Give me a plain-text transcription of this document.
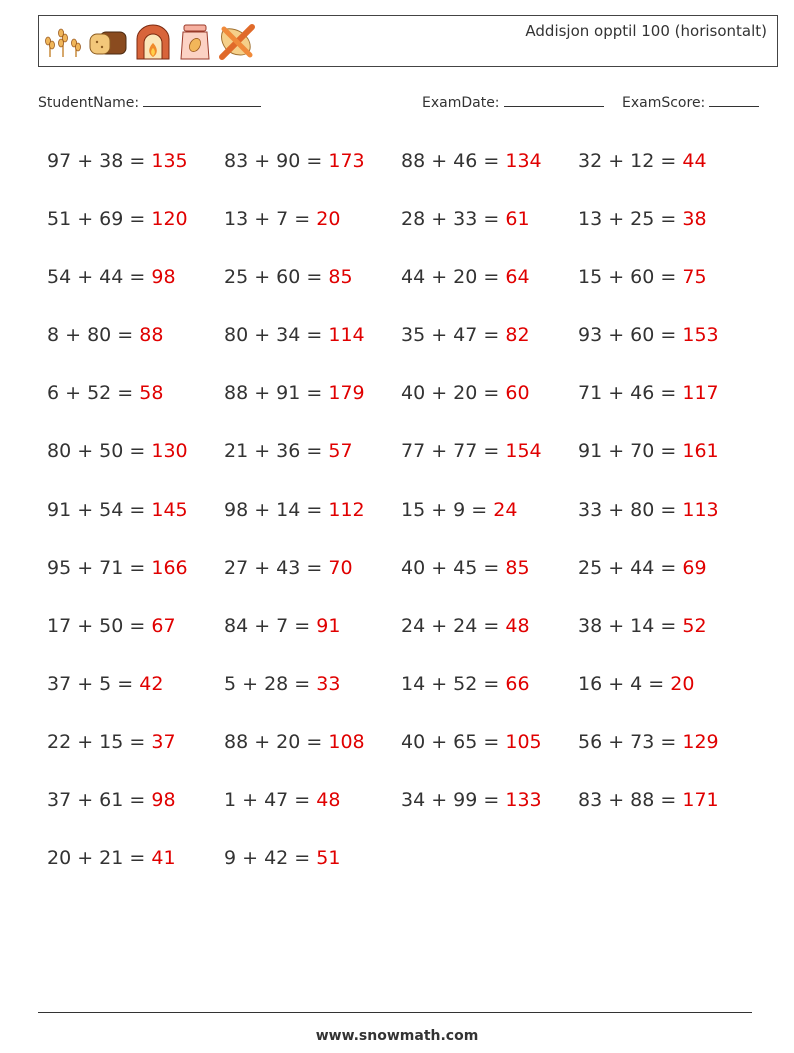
Addisjon opptil 100 (horisontalt)
StudentName:	ExamDate:	ExamScore:
97 + 38 = 135	83 + 90 = 173	88 + 46 = 134	32 + 12 = 44
51 + 69 = 120	13 + 7 = 20	28 + 33 = 61	13 + 25 = 38
54 + 44 = 98	25 + 60 = 85	44 + 20 = 64	15 + 60 = 75
8 + 80 = 88	80 + 34 = 114	35 + 47 = 82	93 + 60 = 153
6 + 52 = 58	88 + 91 = 179	40 + 20 = 60	71 + 46 = 117
80 + 50 = 130	21 + 36 = 57	77 + 77 = 154	91 + 70 = 161
91 + 54 = 145	98 + 14 = 112	15 + 9 = 24	33 + 80 = 113
95 + 71 = 166	27 + 43 = 70	40 + 45 = 85	25 + 44 = 69
17 + 50 = 67	84 + 7 = 91	24 + 24 = 48	38 + 14 = 52
37 + 5 = 42	5 + 28 = 33	14 + 52 = 66	16 + 4 = 20
22 + 15 = 37	88 + 20 = 108	40 + 65 = 105	56 + 73 = 129
37 + 61 = 98	1 + 47 = 48	34 + 99 = 133	83 + 88 = 171
20 + 21 = 41	9 + 42 = 51
www.snowmath.com
